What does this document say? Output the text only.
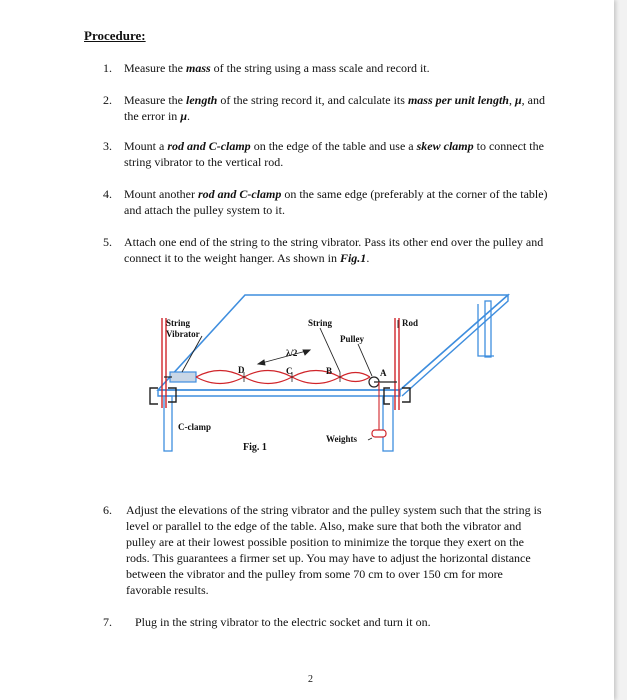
Procedure:
1.	Measure the mass of the string using a mass scale and record it.
2.	Measure the length of the string record it, and calculate its mass per unit length, μ, and the error in μ.
3.	Mount a rod and C-clamp on the edge of the table and use a skew clamp to connect the string vibrator to the vertical rod.
4.	Mount another rod and C-clamp on the same edge (preferably at the corner of the table) and attach the pulley system to it.
5.	Attach one end of the string to the string vibrator. Pass its other end over the pulley and connect it to the weight hanger. As shown in Fig.1.
String
Vibrator
String	Rod
Pulley
λ/2
D	C	B	A
C-clamp
Weights
Fig. 1
6.	Adjust the elevations of the string vibrator and the pulley system such that the string is level or parallel to the edge of the table. Also, make sure that both the vibrator and pulley are at their lowest possible position to minimize the torque they exert on the rods. This guarantees a firmer set up. You may have to adjust the horizontal distance between the vibrator and the pulley from some 70 cm to over 150 cm for more favorable results.
7.	Plug in the string vibrator to the electric socket and turn it on.
2
